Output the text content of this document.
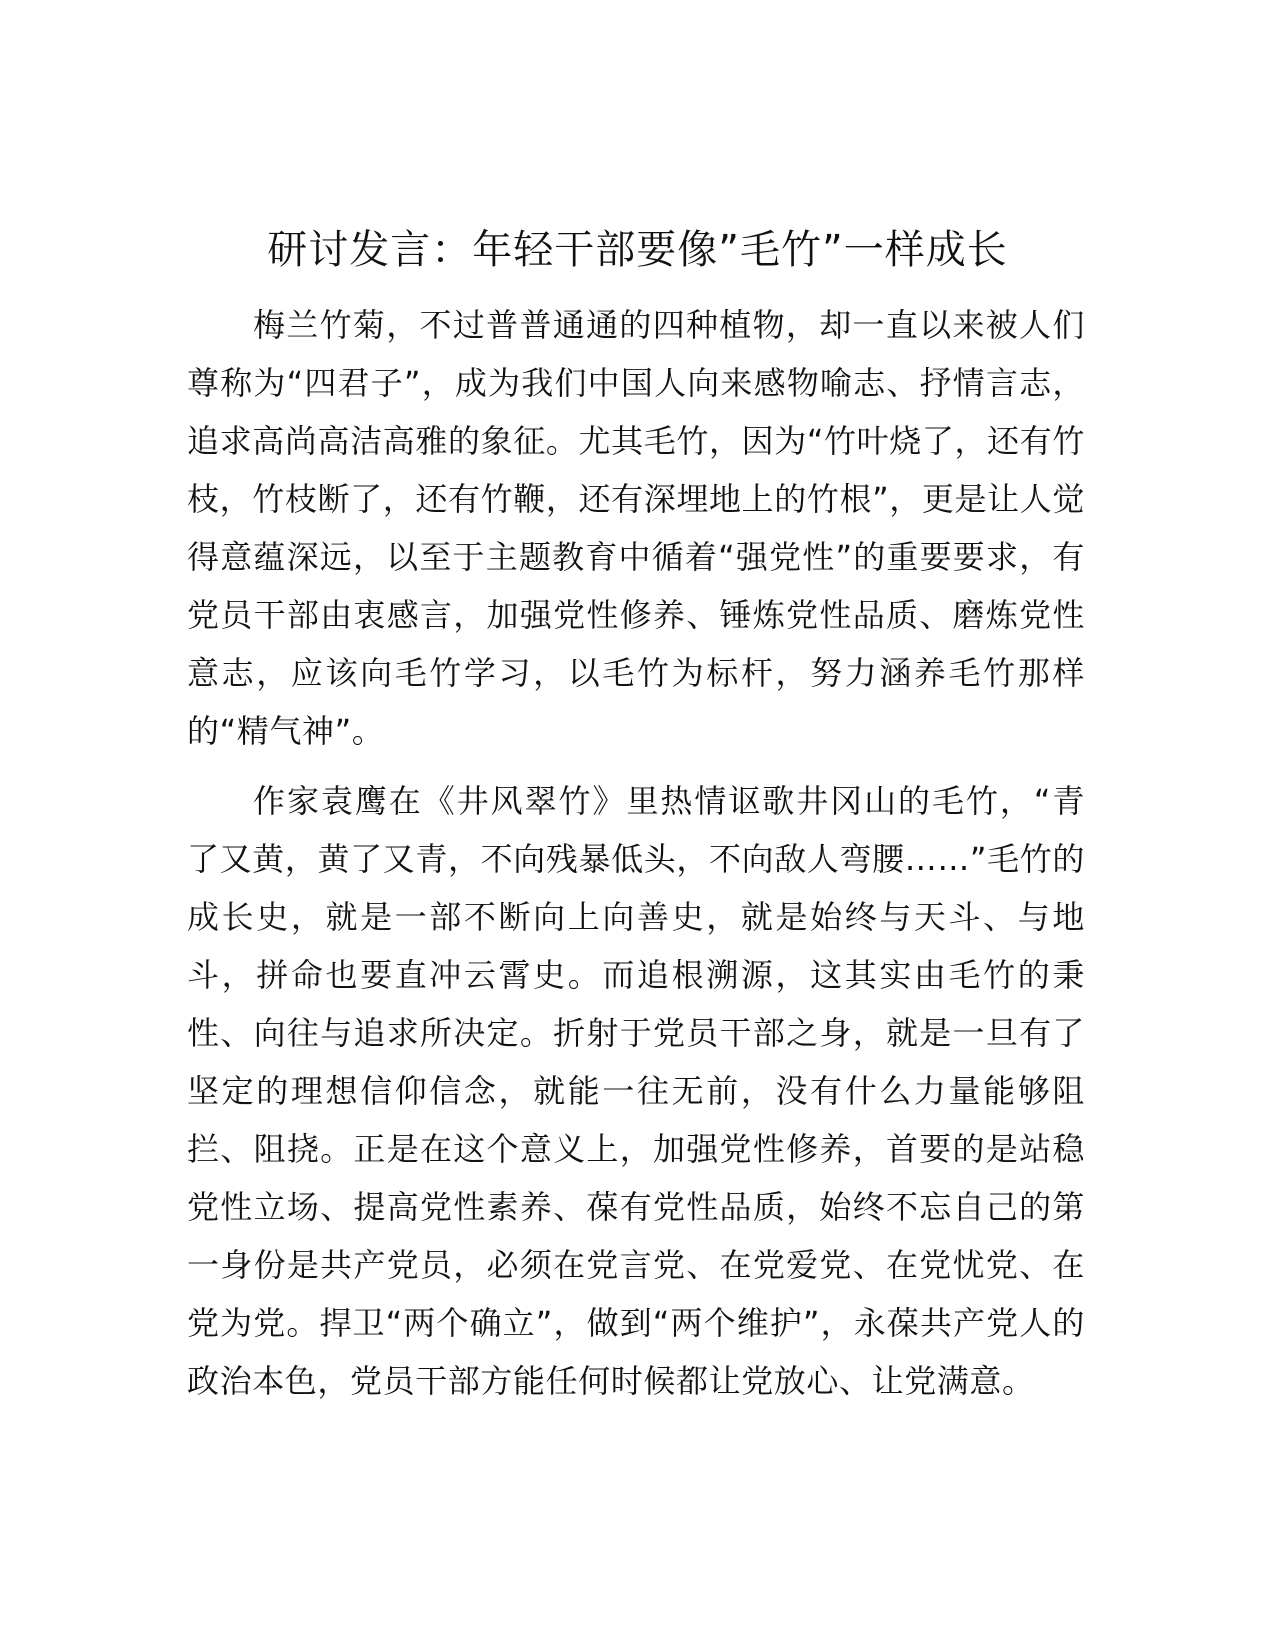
研讨发言：年轻干部要像”毛竹”一样成长

梅兰竹菊，不过普普通通的四种植物，却一直以来被人们尊称为“四君子”，成为我们中国人向来感物喻志、抒情言志，追求高尚高洁高雅的象征。尤其毛竹，因为“竹叶烧了，还有竹枝，竹枝断了，还有竹鞭，还有深埋地上的竹根”，更是让人觉得意蕴深远，以至于主题教育中循着“强党性”的重要要求，有党员干部由衷感言，加强党性修养、锤炼党性品质、磨炼党性意志，应该向毛竹学习，以毛竹为标杆，努力涵养毛竹那样的“精气神”。

作家袁鹰在《井风翠竹》里热情讴歌井冈山的毛竹，“青了又黄，黄了又青，不向残暴低头，不向敌人弯腰……”毛竹的成长史，就是一部不断向上向善史，就是始终与天斗、与地斗，拼命也要直冲云霄史。而追根溯源，这其实由毛竹的秉性、向往与追求所决定。折射于党员干部之身，就是一旦有了坚定的理想信仰信念，就能一往无前，没有什么力量能够阻拦、阻挠。正是在这个意义上，加强党性修养，首要的是站稳党性立场、提高党性素养、葆有党性品质，始终不忘自己的第一身份是共产党员，必须在党言党、在党爱党、在党忧党、在党为党。捍卫“两个确立”，做到“两个维护”，永葆共产党人的政治本色，党员干部方能任何时候都让党放心、让党满意。
